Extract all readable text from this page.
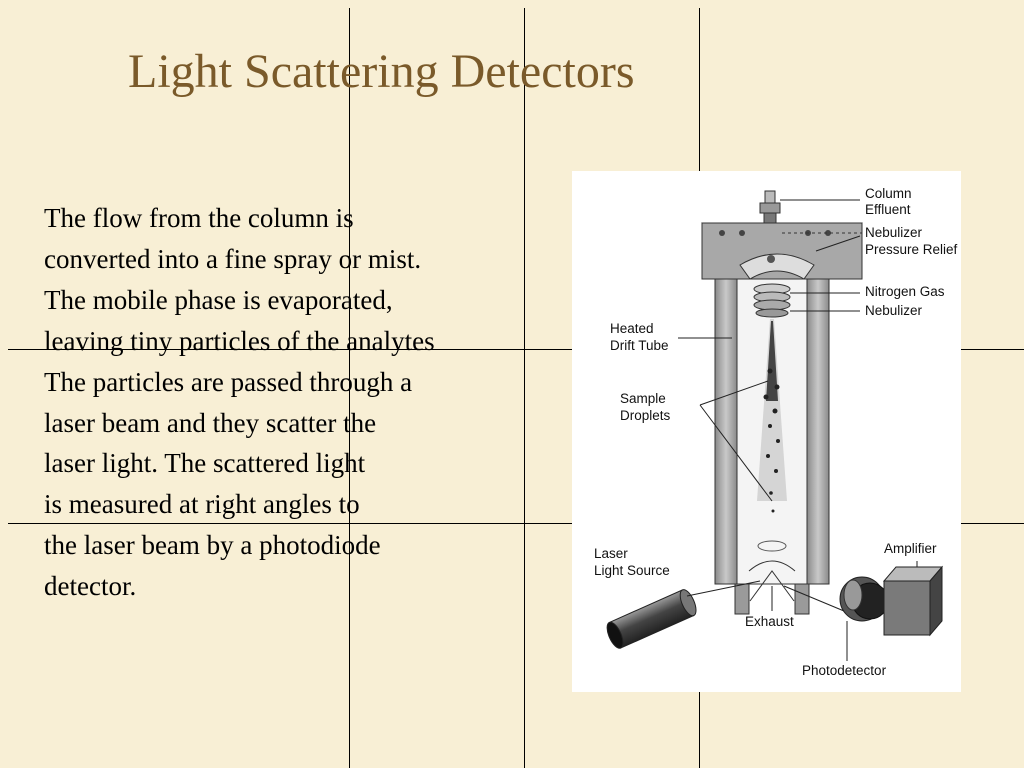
Light Scattering Detectors
The flow from the column is
converted into a fine spray or mist.
The mobile phase is evaporated,
leaving tiny particles of the analytes
The particles are passed through a
laser beam and they scatter the
laser light. The scattered light
is measured at right angles to
the laser beam by a photodiode
detector.
Column
Effluent
Nebulizer
Pressure Relief
Nitrogen Gas
Nebulizer
Heated
Drift Tube
Sample
Droplets
Laser
Light Source
Amplifier
Exhaust
Photodetector
